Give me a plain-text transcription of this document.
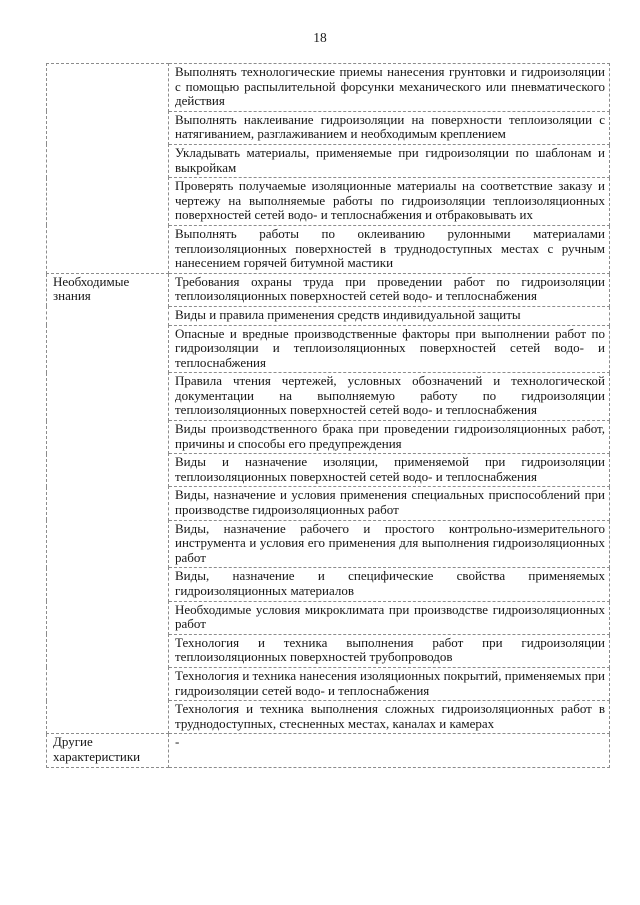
18
	Выполнять технологические приемы нанесения грунтовки и гидроизоляции с помощью распылительной форсунки механического или пневматического действия
	Выполнять наклеивание гидроизоляции на поверхности теплоизоляции с натягиванием, разглаживанием и необходимым креплением
	Укладывать материалы, применяемые при гидроизоляции по шаблонам и выкройкам
	Проверять получаемые изоляционные материалы на соответствие заказу и чертежу на выполняемые работы по гидроизоляции теплоизоляционных поверхностей сетей водо- и теплоснабжения и отбраковывать их
	Выполнять работы по оклеиванию рулонными материалами теплоизоляционных поверхностей в труднодоступных местах с ручным нанесением горячей битумной мастики
Необходимые знания	Требования охраны труда при проведении работ по гидроизоляции теплоизоляционных поверхностей сетей водо- и теплоснабжения
	Виды и правила применения средств индивидуальной защиты
	Опасные и вредные производственные факторы при выполнении работ по гидроизоляции и теплоизоляционных поверхностей сетей водо- и теплоснабжения
	Правила чтения чертежей, условных обозначений и технологической документации на выполняемую работу по гидроизоляции теплоизоляционных поверхностей сетей водо- и теплоснабжения
	Виды производственного брака при проведении гидроизоляционных работ, причины и способы его предупреждения
	Виды и назначение изоляции, применяемой при гидроизоляции теплоизоляционных поверхностей сетей водо- и теплоснабжения
	Виды, назначение и условия применения специальных приспособлений при производстве гидроизоляционных работ
	Виды, назначение рабочего и простого контрольно-измерительного инструмента и условия его применения для выполнения гидроизоляционных работ
	Виды, назначение и специфические свойства применяемых гидроизоляционных материалов
	Необходимые условия микроклимата при производстве гидроизоляционных работ
	Технология и техника выполнения работ при гидроизоляции теплоизоляционных поверхностей трубопроводов
	Технология и техника нанесения изоляционных покрытий, применяемых при гидроизоляции сетей водо- и теплоснабжения
	Технология и техника выполнения сложных гидроизоляционных работ в труднодоступных, стесненных местах, каналах и камерах
Другие характеристики	-
